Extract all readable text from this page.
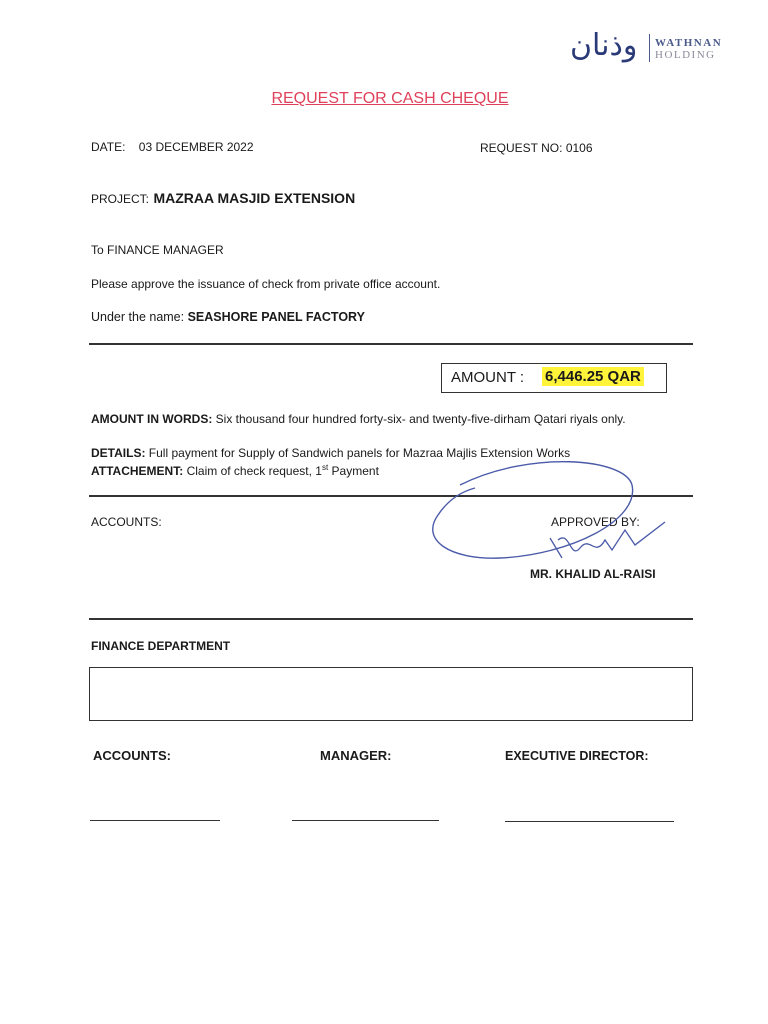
وذنان WATHNAN
HOLDING
REQUEST FOR CASH CHEQUE
DATE: 03 DECEMBER 2022	REQUEST NO: 0106
PROJECT: MAZRAA MASJID EXTENSION
To FINANCE MANAGER
Please approve the issuance of check from private office account.
Under the name: SEASHORE PANEL FACTORY
AMOUNT : 6,446.25 QAR
AMOUNT IN WORDS: Six thousand four hundred forty-six- and twenty-five-dirham Qatari riyals only.
DETAILS: Full payment for Supply of Sandwich panels for Mazraa Majlis Extension Works
ATTACHEMENT: Claim of check request, 1st Payment
ACCOUNTS:	APPROVED BY:
MR. KHALID AL-RAISI
FINANCE DEPARTMENT
ACCOUNTS:	MANAGER:	EXECUTIVE DIRECTOR:
